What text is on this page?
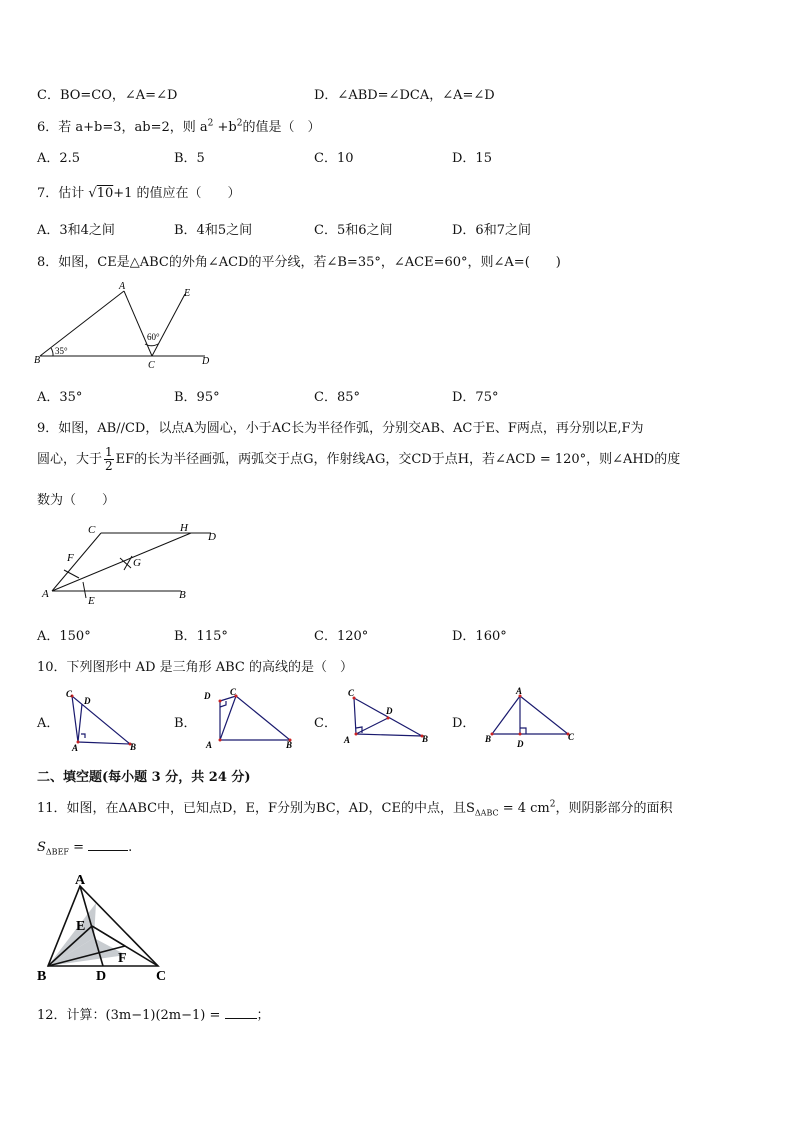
C．BO=CO，∠A=∠D	D．∠ABD=∠DCA，∠A=∠D
6．若 a+b=3，ab=2，则 $a^2 +b^2$的值是（　）
A．2.5	B．5	C．10	D．15
7．估计 √10+1 的值应在（　　）
A．3和4之间	B．4和5之间	C．5和6之间	D．6和7之间
8．如图，CE是△ABC的外角∠ACD的平分线，若∠B=35°，∠ACE=60°，则∠A=(　　)
A
B	C	D
E
35°
60°
A．35°	B．95°	C．85°	D．75°
9．如图，AB//CD，以点A为圆心，小于AC长为半径作弧，分别交AB、AC于E、F两点，再分别以E,F为
圆心，大于 $\frac{1}{2}$ EF的长为半径画弧，两弧交于点G，作射线AG，交CD于点H，若∠ACD = 120°，则∠AHD的度
数为（　　）
C	H
D
F	G
A
E	B
A．150°	B．115°	C．120°	D．160°
10．下列图形中 AD 是三角形 ABC 的高线的是（　）
A．
C
D
A	B
B．
C
D
A	B
C．
C
D
A	B
D．
A
B	D
C
二、填空题(每小题 3 分，共 24 分)
11．如图，在ΔABC中，已知点D，E，F分别为BC，AD，CE的中点，且$S_{\Delta ABC} = 4$ $cm^2$，则阴影部分的面积
$S_{\Delta BEF}$ =	.
A
E
F
B	D	C
12．计算：(3m−1)(2m−1) = ；
